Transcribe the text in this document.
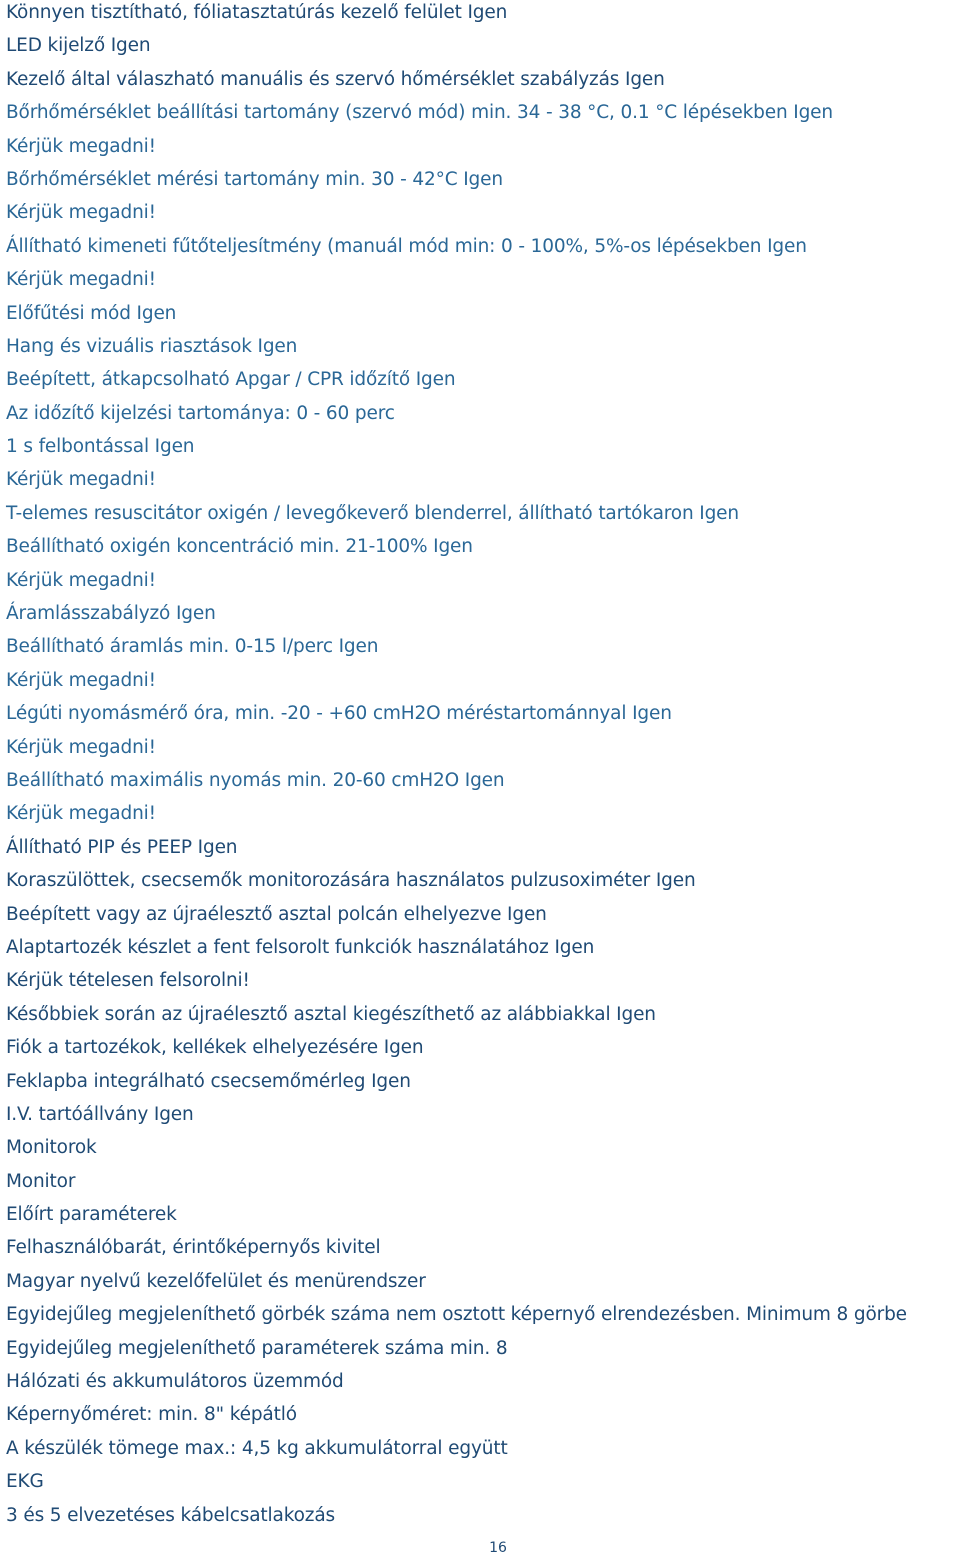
Könnyen tisztítható, fóliatasztatúrás kezelő felület Igen
LED kijelző Igen
Kezelő által válaszható manuális és szervó hőmérséklet szabályzás Igen
Bőrhőmérséklet beállítási tartomány (szervó mód) min. 34 - 38 °C, 0.1 °C lépésekben Igen
Kérjük megadni!
Bőrhőmérséklet mérési tartomány min. 30 - 42°C Igen
Kérjük megadni!
Állítható kimeneti fűtőteljesítmény (manuál mód min: 0 - 100%, 5%-os lépésekben Igen
Kérjük megadni!
Előfűtési mód Igen
Hang és vizuális riasztások Igen
Beépített, átkapcsolható Apgar / CPR időzítő Igen
Az időzítő kijelzési tartománya: 0 - 60 perc
1 s felbontással Igen
Kérjük megadni!
T-elemes resuscitátor oxigén / levegőkeverő blenderrel, állítható tartókaron Igen
Beállítható oxigén koncentráció min. 21-100% Igen
Kérjük megadni!
Áramlásszabályzó Igen
Beállítható áramlás min. 0-15 l/perc Igen
Kérjük megadni!
Légúti nyomásmérő óra, min. -20 - +60 cmH2O méréstartománnyal Igen
Kérjük megadni!
Beállítható maximális nyomás min. 20-60 cmH2O Igen
Kérjük megadni!
Állítható PIP és PEEP Igen
Koraszülöttek, csecsemők monitorozására használatos pulzusoximéter Igen
Beépített vagy az újraélesztő asztal polcán elhelyezve Igen
Alaptartozék készlet a fent felsorolt funkciók használatához Igen
Kérjük tételesen felsorolni!
Későbbiek során az újraélesztő asztal kiegészíthető az alábbiakkal Igen
Fiók a tartozékok, kellékek elhelyezésére Igen
Feklapba integrálható csecsemőmérleg Igen
I.V. tartóállvány Igen
Monitorok
Monitor
Előírt paraméterek
Felhasználóbarát, érintőképernyős kivitel
Magyar nyelvű kezelőfelület és menürendszer
Egyidejűleg megjeleníthető görbék száma nem osztott képernyő elrendezésben. Minimum 8 görbe
Egyidejűleg megjeleníthető paraméterek száma min. 8
Hálózati és akkumulátoros üzemmód
Képernyőméret: min. 8" képátló
A készülék tömege max.: 4,5 kg akkumulátorral együtt
EKG
3 és 5 elvezetéses kábelcsatlakozás
16
